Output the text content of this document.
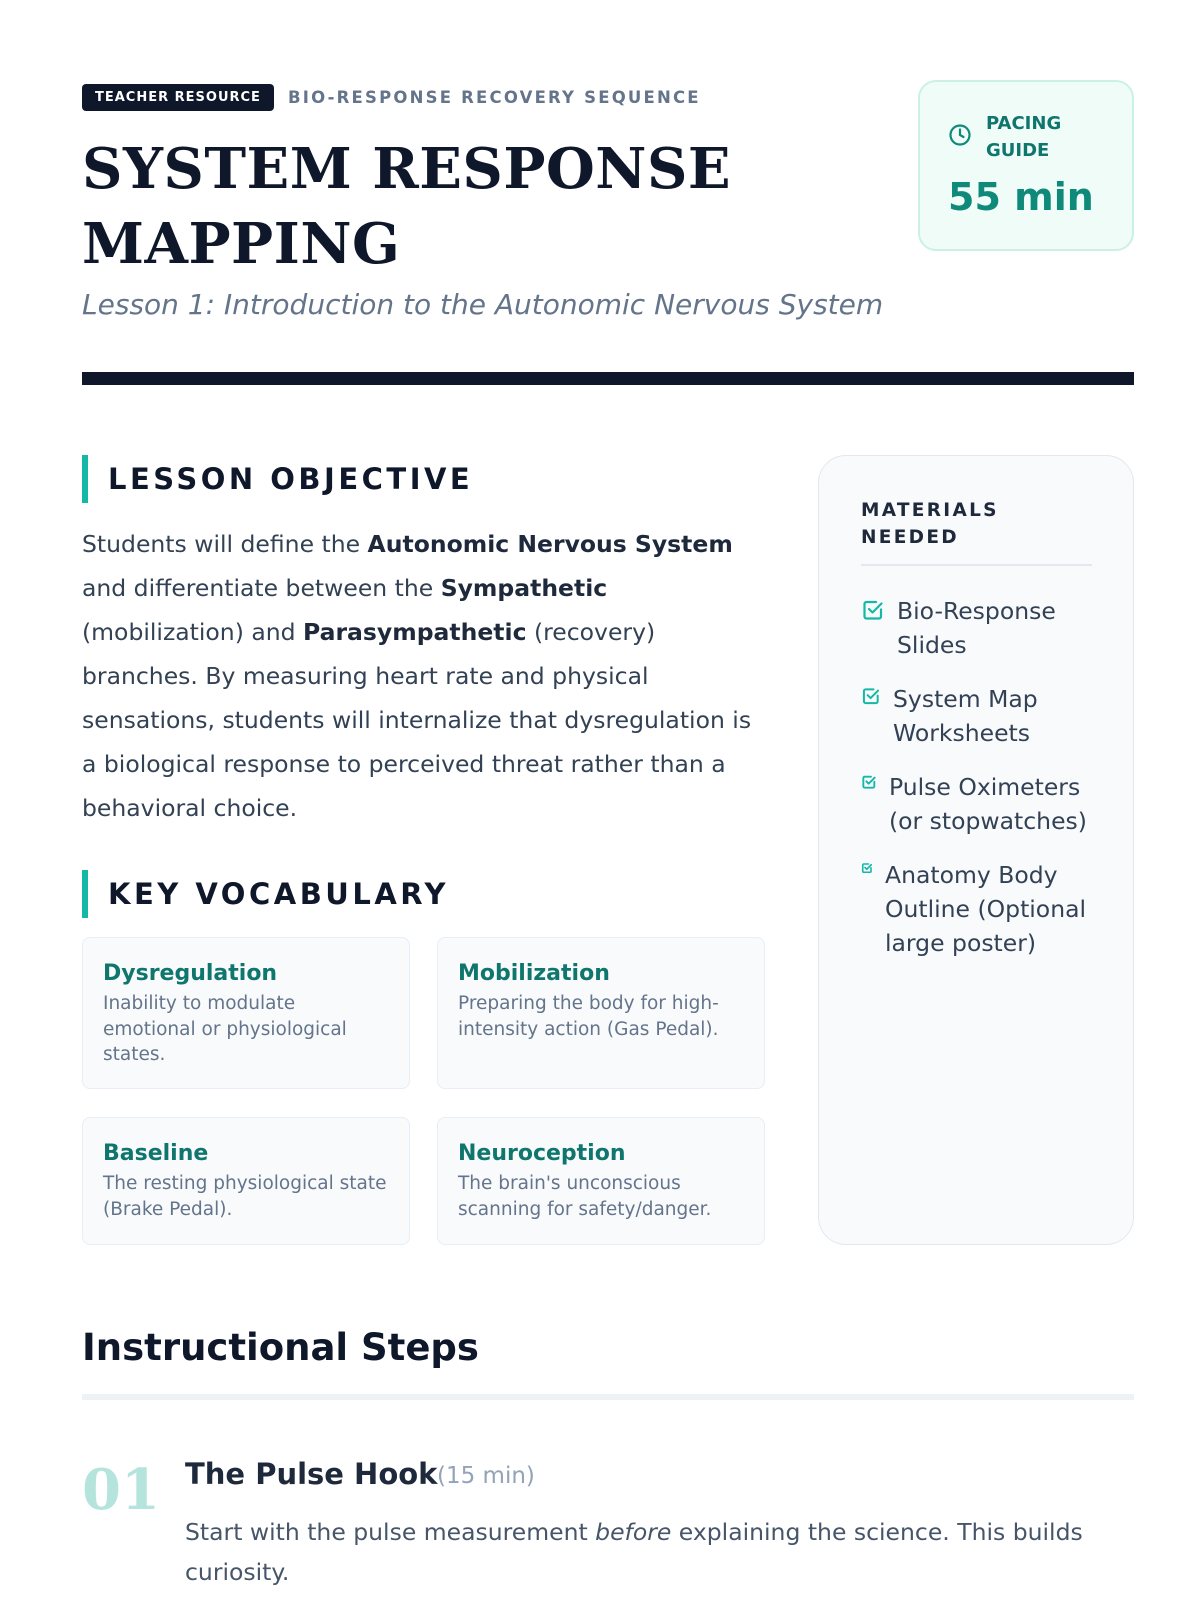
TEACHER RESOURCE	BIO-RESPONSE RECOVERY SEQUENCE
SYSTEM RESPONSE
MAPPING
Lesson 1: Introduction to the Autonomic Nervous System
PACING GUIDE
55 min
LESSON OBJECTIVE

Students will define the Autonomic Nervous System and differentiate between the Sympathetic (mobilization) and Parasympathetic (recovery) branches. By measuring heart rate and physical sensations, students will internalize that dysregulation is a biological response to perceived threat rather than a behavioral choice.

KEY VOCABULARY
Dysregulation
Inability to modulate emotional or physiological states.
Mobilization
Preparing the body for high-intensity action (Gas Pedal).
Baseline
The resting physiological state (Brake Pedal).
Neuroception
The brain's unconscious scanning for safety/danger.
MATERIALS NEEDED
Bio-Response Slides
System Map Worksheets
Pulse Oximeters (or stopwatches)
Anatomy Body Outline (Optional large poster)
Instructional Steps
01 The Pulse Hook (15 min)

Start with the pulse measurement before explaining the science. This builds curiosity.
